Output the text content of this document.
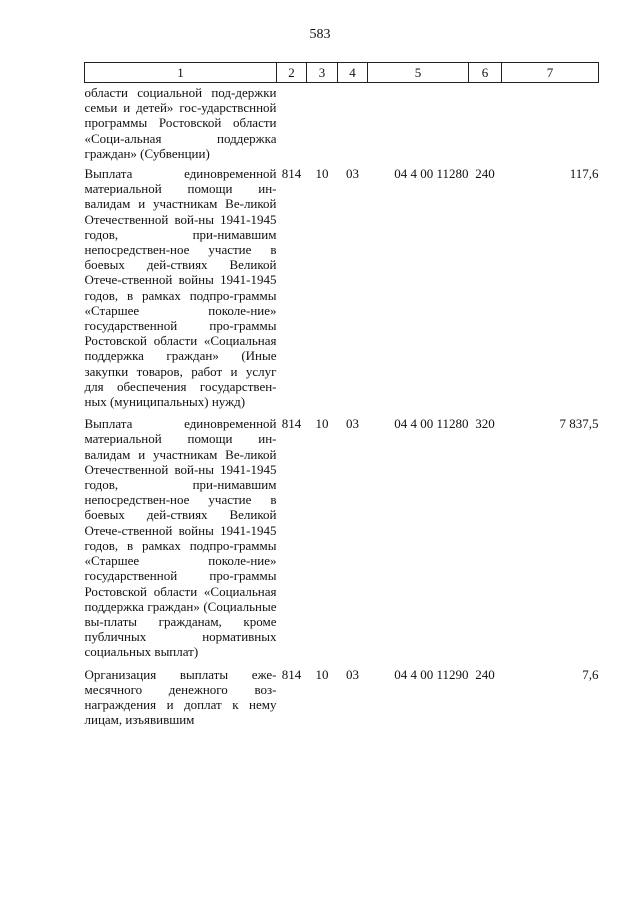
583
1	2	3	4	5	6	7
области социальной под-держки семьи и детей» гос-ударствснной программы Ростовской области «Соци-альная поддержка граждан» (Субвенции)						
Выплата единовременной материальной помощи ин-валидам и участникам Ве-ликой Отечественной вой-ны 1941-1945 годов, при-нимавшим непосредствен-ное участие в боевых дей-ствиях Великой Отече-ственной войны 1941-1945 годов, в рамках подпро-граммы «Старшее поколе-ние» государственной про-граммы Ростовской области «Социальная поддержка граждан» (Иные закупки товаров, работ и услуг для обеспечения государствен-ных (муниципальных) нужд)	814	10	03	04 4 00 11280	240	117,6
Выплата единовременной материальной помощи ин-валидам и участникам Ве-ликой Отечественной вой-ны 1941-1945 годов, при-нимавшим непосредствен-ное участие в боевых дей-ствиях Великой Отече-ственной войны 1941-1945 годов, в рамках подпро-граммы «Старшее поколе-ние» государственной про-граммы Ростовской области «Социальная поддержка граждан» (Социальные вы-платы гражданам, кроме публичных нормативных социальных выплат)	814	10	03	04 4 00 11280	320	7 837,5
Организация выплаты еже-месячного денежного воз-награждения и доплат к нему лицам, изъявившим	814	10	03	04 4 00 11290	240	7,6
